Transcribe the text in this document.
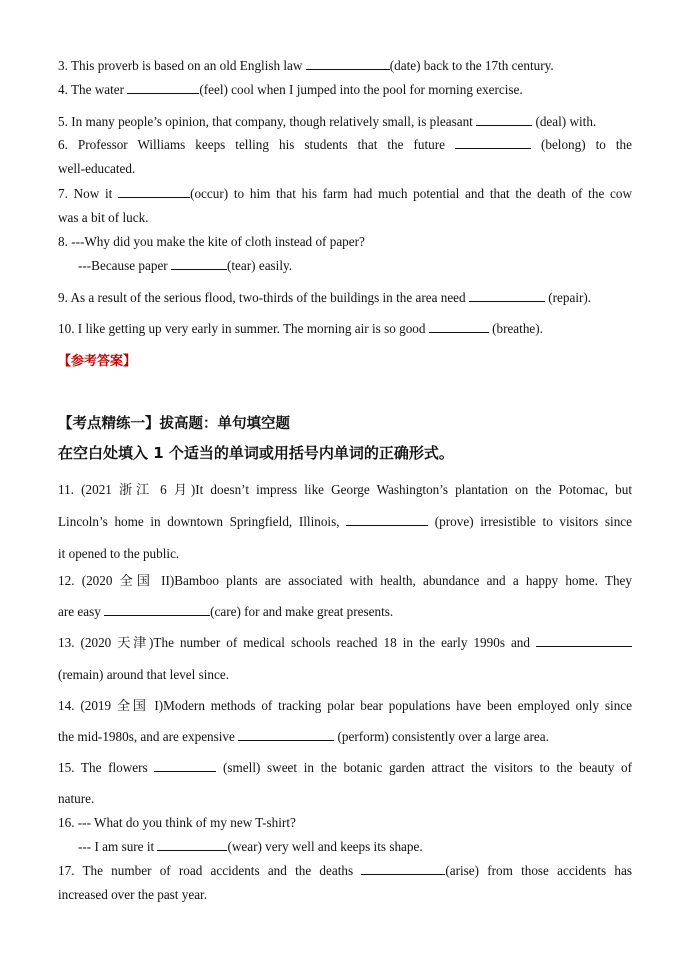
3. This proverb is based on an old English law	(date) back to the 17th century.
4. The water	(feel) cool when I jumped into the pool for morning exercise.
5. In many people’s opinion, that company, though relatively small, is pleasant	(deal) with.
6. Professor Williams keeps telling his students that the future	(belong) to the
well-educated.
7. Now it	(occur) to him that his farm had much potential and that the death of the cow
was a bit of luck.
8. ---Why did you make the kite of cloth instead of paper?
---Because paper	(tear) easily.
9. As a result of the serious flood, two-thirds of the buildings in the area need	(repair).
10. I like getting up very early in summer. The morning air is so good	(breathe).
【参考答案】
【考点精练一】拔高题：单句填空题
在空白处填入 1 个适当的单词或用括号内单词的正确形式。
11. (2021 浙江 6 月)It doesn’t impress like George Washington’s plantation on the Potomac, but
Lincoln’s home in downtown Springfield, Illinois,	(prove) irresistible to visitors since
it opened to the public.
12. (2020 全国 II)Bamboo plants are associated with health, abundance and a happy home. They
are easy	(care) for and make great presents.
13. (2020 天津)The number of medical schools reached 18 in the early 1990s and
(remain) around that level since.
14. (2019 全国 I)Modern methods of tracking polar bear populations have been employed only since
the mid-1980s, and are expensive	(perform) consistently over a large area.
15. The flowers	(smell) sweet in the botanic garden attract the visitors to the beauty of
nature.
16. --- What do you think of my new T-shirt?
--- I am sure it	(wear) very well and keeps its shape.
17. The number of road accidents and the deaths	(arise) from those accidents has
increased over the past year.
